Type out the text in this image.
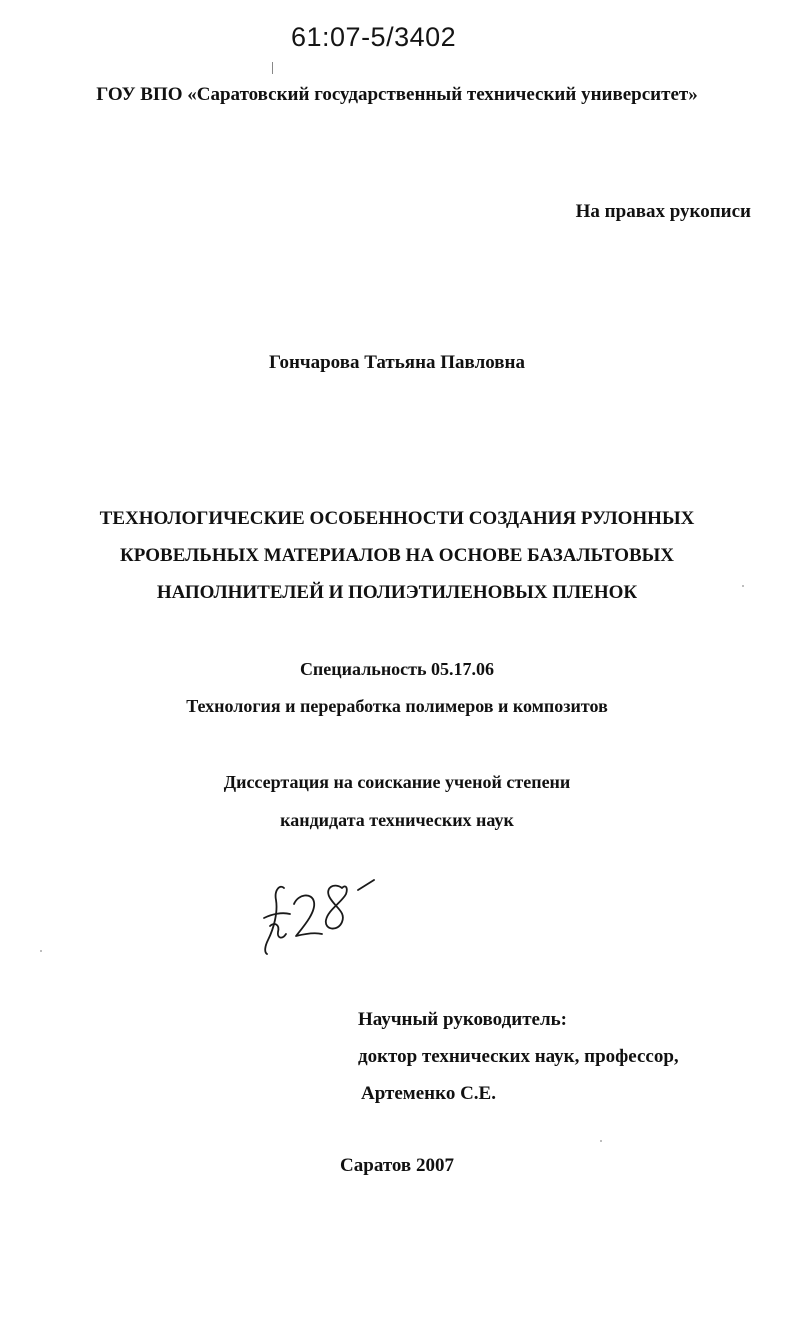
61:07-5/3402
ГОУ ВПО «Саратовский государственный технический университет»
На правах рукописи
Гончарова Татьяна Павловна
ТЕХНОЛОГИЧЕСКИЕ ОСОБЕННОСТИ СОЗДАНИЯ РУЛОННЫХ
КРОВЕЛЬНЫХ МАТЕРИАЛОВ НА ОСНОВЕ БАЗАЛЬТОВЫХ
НАПОЛНИТЕЛЕЙ И ПОЛИЭТИЛЕНОВЫХ ПЛЕНОК
Специальность 05.17.06
Технология и переработка полимеров и композитов
Диссертация на соискание ученой степени
кандидата технических наук
Научный руководитель:
доктор технических наук, профессор,
Артеменко С.Е.
Саратов 2007
